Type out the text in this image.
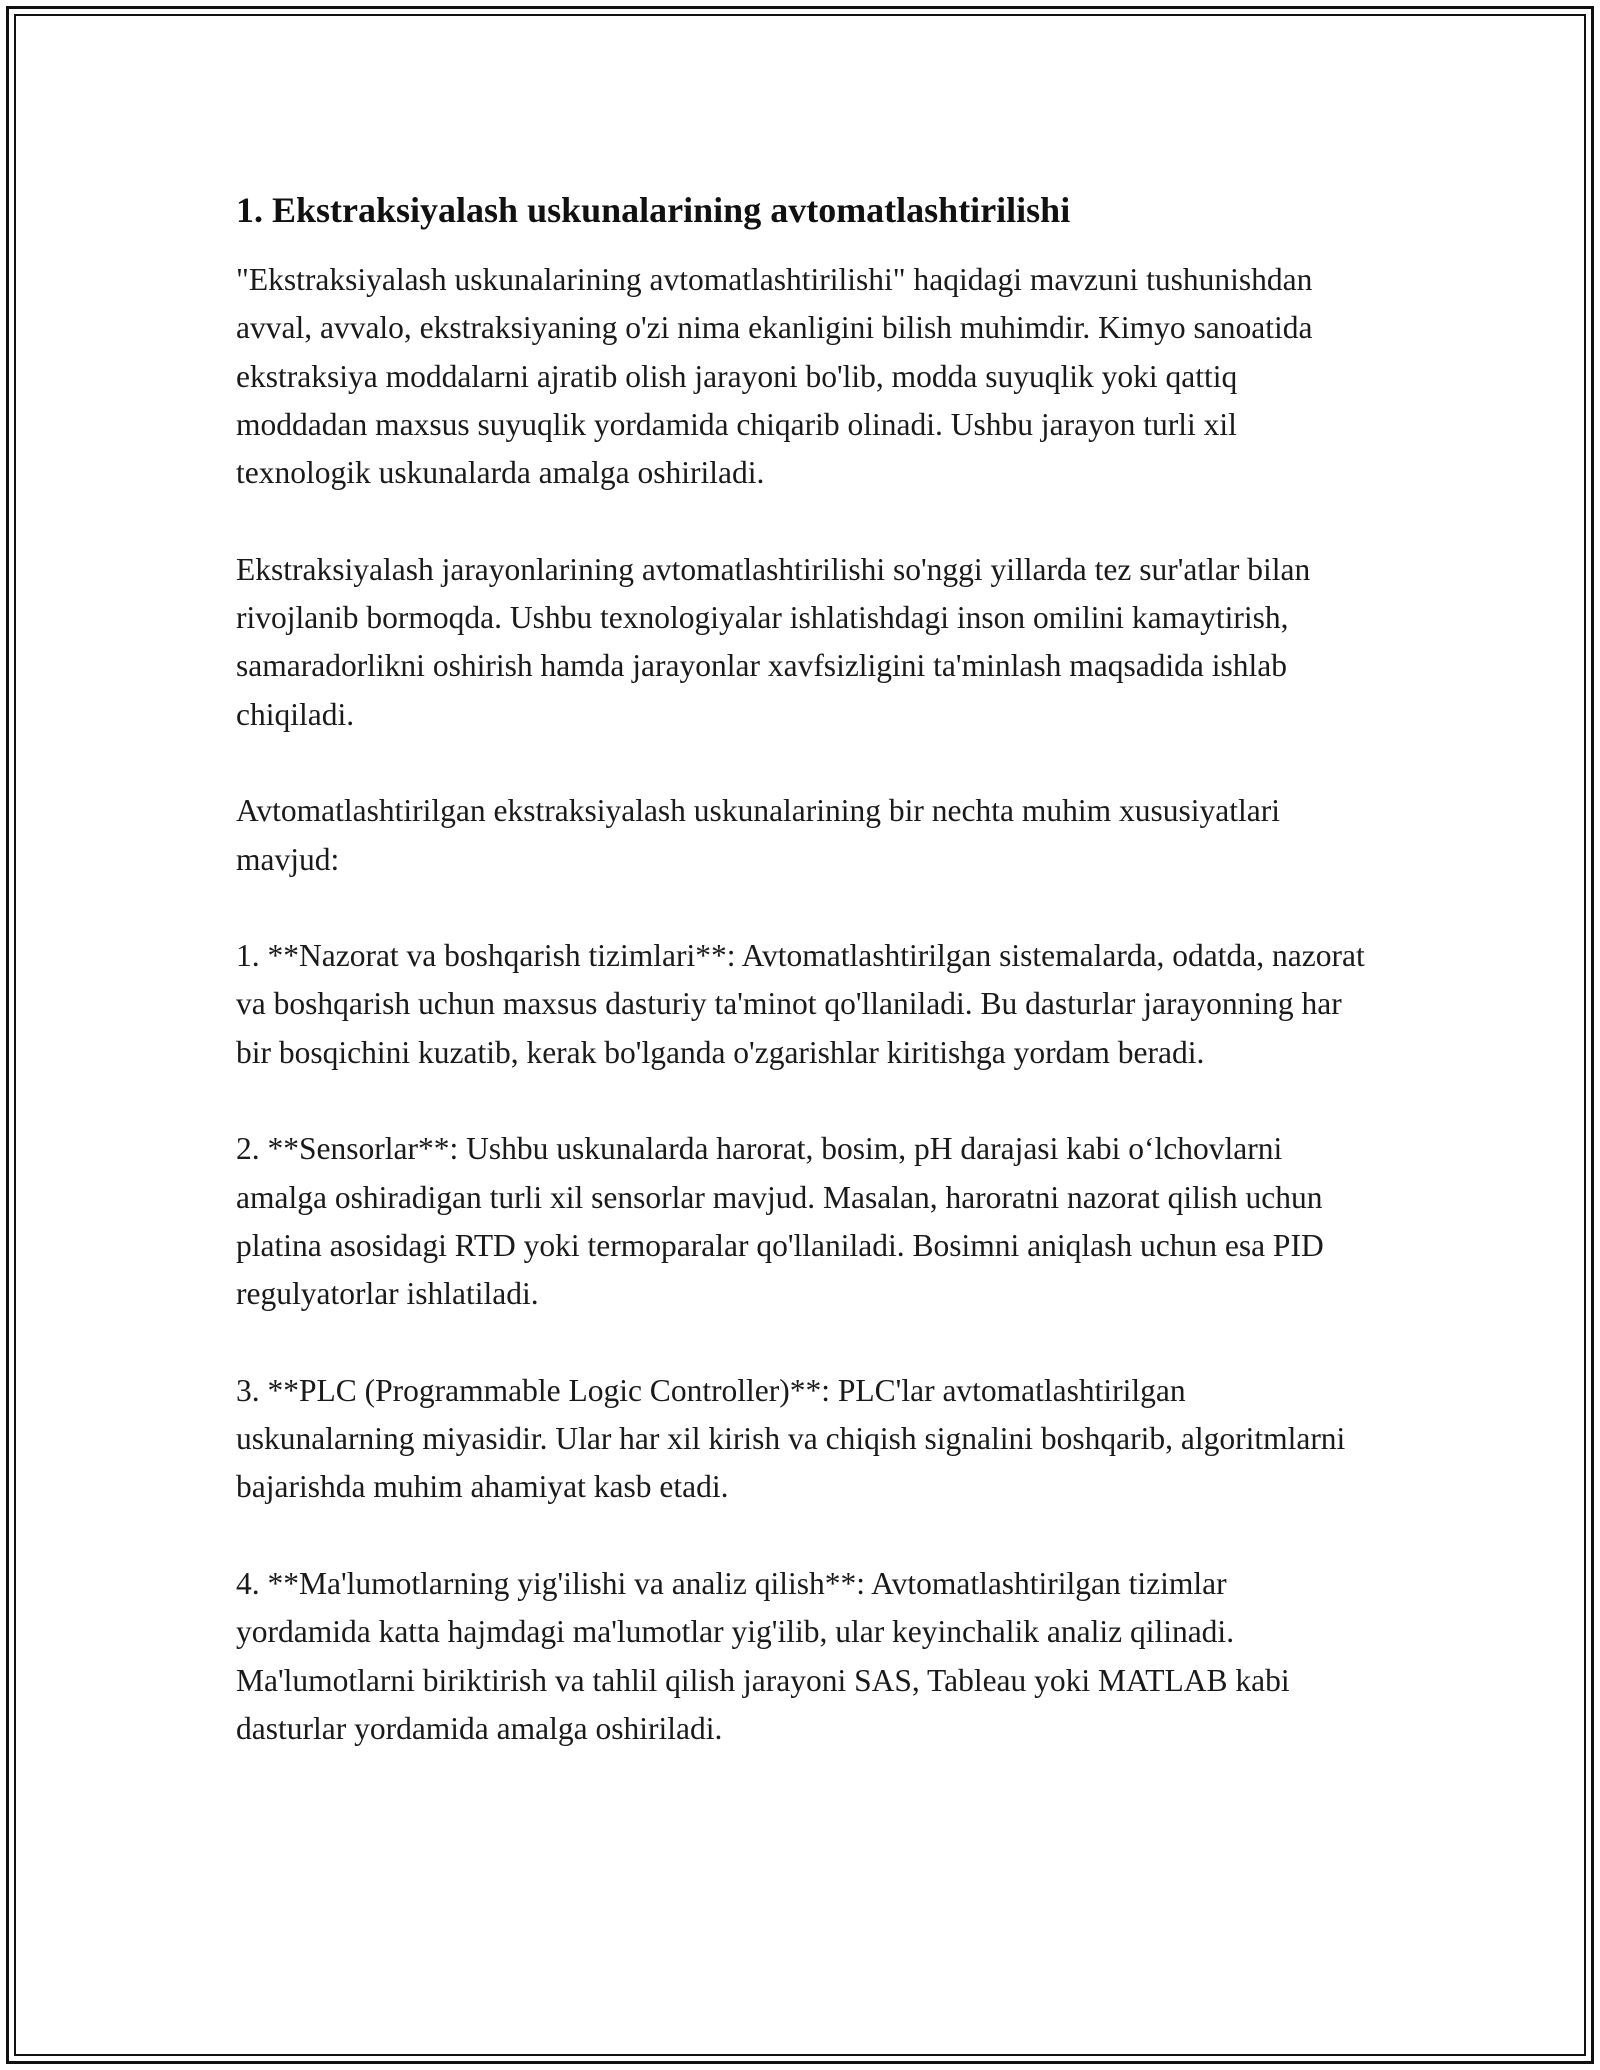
1. Ekstraksiyalash uskunalarining avtomatlashtirilishi

"Ekstraksiyalash uskunalarining avtomatlashtirilishi" haqidagi mavzuni tushunishdan avval, avvalo, ekstraksiyaning o'zi nima ekanligini bilish muhimdir. Kimyo sanoatida ekstraksiya moddalarni ajratib olish jarayoni bo'lib, modda suyuqlik yoki qattiq moddadan maxsus suyuqlik yordamida chiqarib olinadi. Ushbu jarayon turli xil texnologik uskunalarda amalga oshiriladi.

Ekstraksiyalash jarayonlarining avtomatlashtirilishi so'nggi yillarda tez sur'atlar bilan rivojlanib bormoqda. Ushbu texnologiyalar ishlatishdagi inson omilini kamaytirish, samaradorlikni oshirish hamda jarayonlar xavfsizligini ta'minlash maqsadida ishlab chiqiladi.

Avtomatlashtirilgan ekstraksiyalash uskunalarining bir nechta muhim xususiyatlari mavjud:

1. **Nazorat va boshqarish tizimlari**: Avtomatlashtirilgan sistemalarda, odatda, nazorat va boshqarish uchun maxsus dasturiy ta'minot qo'llaniladi. Bu dasturlar jarayonning har bir bosqichini kuzatib, kerak bo'lganda o'zgarishlar kiritishga yordam beradi.

2. **Sensorlar**: Ushbu uskunalarda harorat, bosim, pH darajasi kabi o‘lchovlarni amalga oshiradigan turli xil sensorlar mavjud. Masalan, haroratni nazorat qilish uchun platina asosidagi RTD yoki termoparalar qo'llaniladi. Bosimni aniqlash uchun esa PID regulyatorlar ishlatiladi.

3. **PLC (Programmable Logic Controller)**: PLC'lar avtomatlashtirilgan uskunalarning miyasidir. Ular har xil kirish va chiqish signalini boshqarib, algoritmlarni bajarishda muhim ahamiyat kasb etadi.

4. **Ma'lumotlarning yig'ilishi va analiz qilish**: Avtomatlashtirilgan tizimlar yordamida katta hajmdagi ma'lumotlar yig'ilib, ular keyinchalik analiz qilinadi. Ma'lumotlarni biriktirish va tahlil qilish jarayoni SAS, Tableau yoki MATLAB kabi dasturlar yordamida amalga oshiriladi.
